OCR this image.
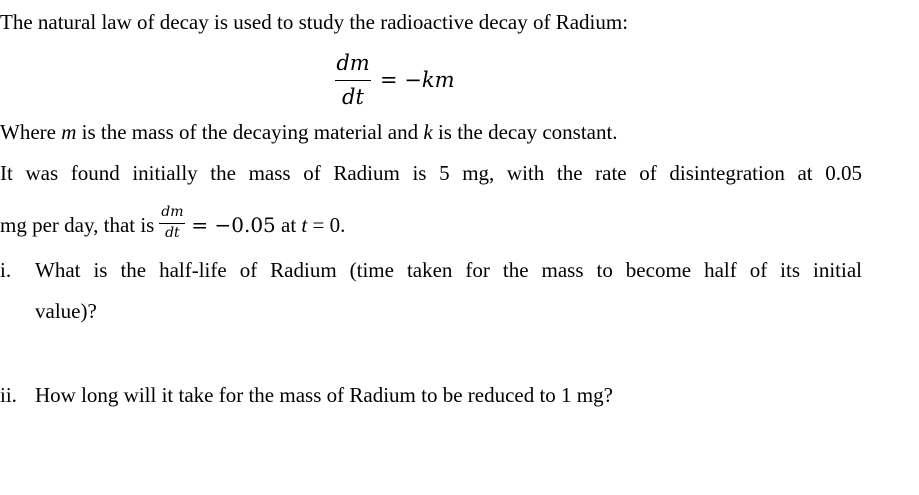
The natural law of decay is used to study the radioactive decay of Radium:
dm
dt
= −km
Where m is the mass of the decaying material and k is the decay constant.
It was found initially the mass of Radium is 5 mg, with the rate of disintegration at 0.05
mg per day, that is $\frac{dm}{dt} = -0.05$ at t = 0.
i. What is the half-life of Radium (time taken for the mass to become half of its initial
value)?
ii. How long will it take for the mass of Radium to be reduced to 1 mg?
